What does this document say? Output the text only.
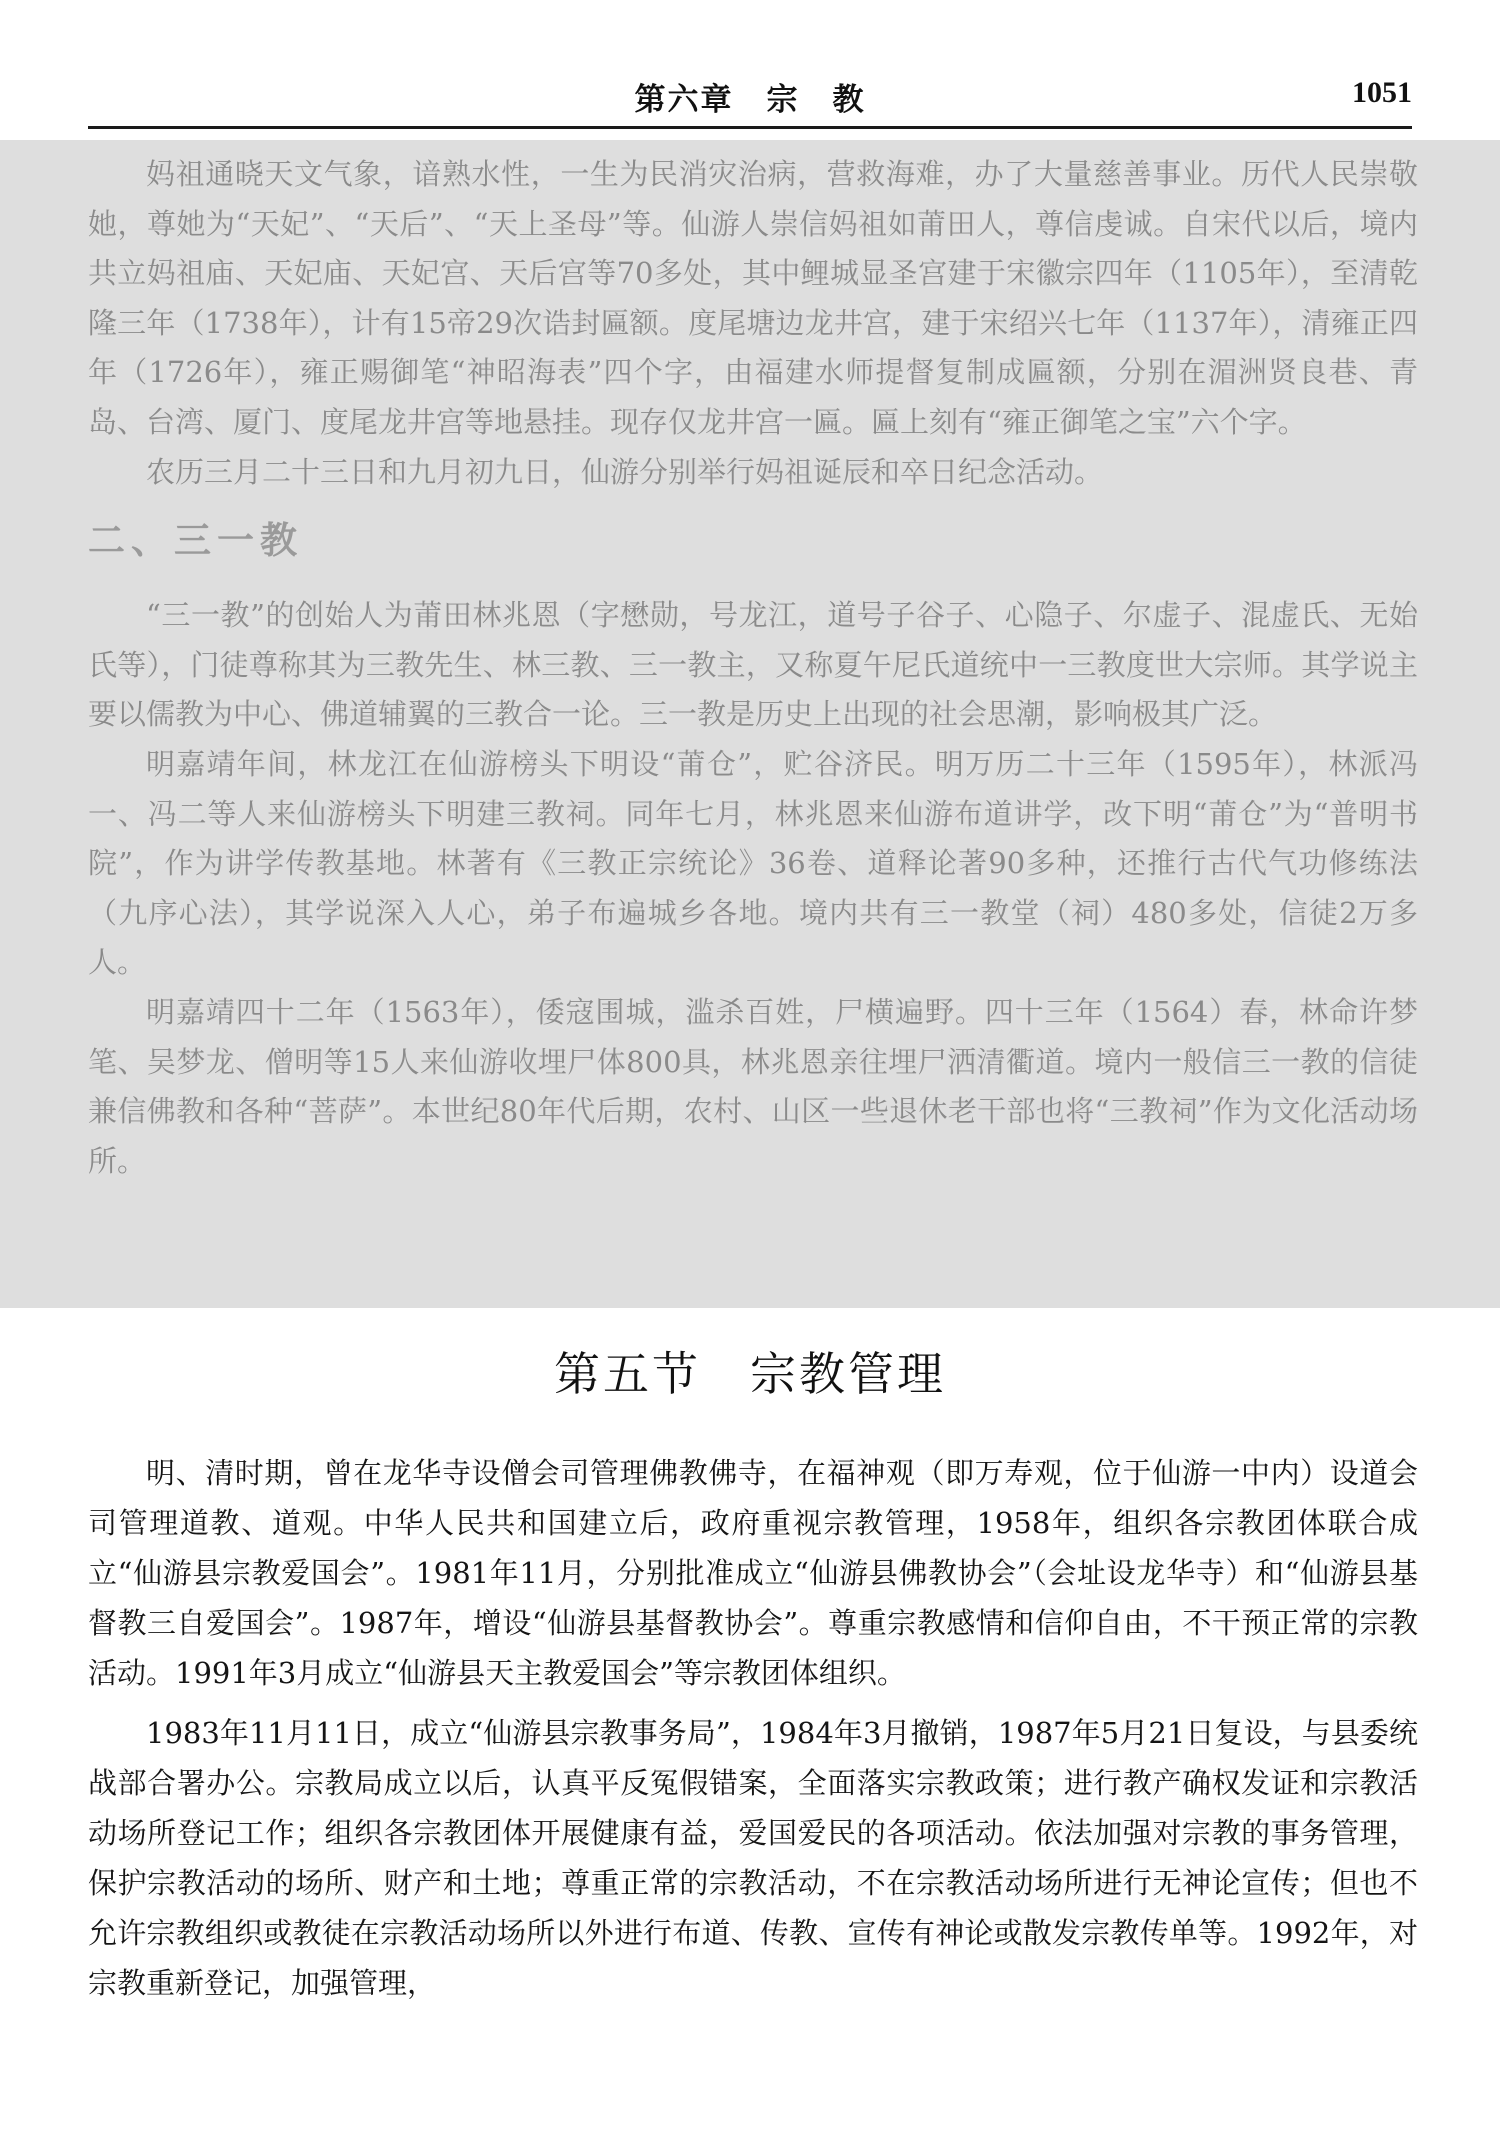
第六章　宗　教	1051

妈祖通晓天文气象，谙熟水性，一生为民消灾治病，营救海难，办了大量慈善事业。历代人民崇敬她，尊她为“天妃”、“天后”、“天上圣母”等。仙游人崇信妈祖如莆田人，尊信虔诚。自宋代以后，境内共立妈祖庙、天妃庙、天妃宫、天后宫等70多处，其中鲤城显圣宫建于宋徽宗四年（1105年），至清乾隆三年（1738年），计有15帝29次诰封匾额。度尾塘边龙井宫，建于宋绍兴七年（1137年），清雍正四年（1726年），雍正赐御笔“神昭海表”四个字，由福建水师提督复制成匾额，分别在湄洲贤良巷、青岛、台湾、厦门、度尾龙井宫等地悬挂。现存仅龙井宫一匾。匾上刻有“雍正御笔之宝”六个字。

农历三月二十三日和九月初九日，仙游分别举行妈祖诞辰和卒日纪念活动。

二、三一教

“三一教”的创始人为莆田林兆恩（字懋勋，号龙江，道号子谷子、心隐子、尔虚子、混虚氏、无始氏等），门徒尊称其为三教先生、林三教、三一教主，又称夏午尼氏道统中一三教度世大宗师。其学说主要以儒教为中心、佛道辅翼的三教合一论。三一教是历史上出现的社会思潮，影响极其广泛。

明嘉靖年间，林龙江在仙游榜头下明设“莆仓”，贮谷济民。明万历二十三年（1595年），林派冯一、冯二等人来仙游榜头下明建三教祠。同年七月，林兆恩来仙游布道讲学，改下明“莆仓”为“普明书院”，作为讲学传教基地。林著有《三教正宗统论》36卷、道释论著90多种，还推行古代气功修练法（九序心法），其学说深入人心，弟子布遍城乡各地。境内共有三一教堂（祠）480多处，信徒2万多人。

明嘉靖四十二年（1563年），倭寇围城，滥杀百姓，尸横遍野。四十三年（1564）春，林命许梦笔、吴梦龙、僧明等15人来仙游收埋尸体800具，林兆恩亲往埋尸洒清衢道。境内一般信三一教的信徒兼信佛教和各种“菩萨”。本世纪80年代后期，农村、山区一些退休老干部也将“三教祠”作为文化活动场所。

第五节　宗教管理

明、清时期，曾在龙华寺设僧会司管理佛教佛寺，在福神观（即万寿观，位于仙游一中内）设道会司管理道教、道观。中华人民共和国建立后，政府重视宗教管理，1958年，组织各宗教团体联合成立“仙游县宗教爱国会”。1981年11月，分别批准成立“仙游县佛教协会”（会址设龙华寺）和“仙游县基督教三自爱国会”。1987年，增设“仙游县基督教协会”。尊重宗教感情和信仰自由，不干预正常的宗教活动。1991年3月成立“仙游县天主教爱国会”等宗教团体组织。

1983年11月11日，成立“仙游县宗教事务局”，1984年3月撤销，1987年5月21日复设，与县委统战部合署办公。宗教局成立以后，认真平反冤假错案，全面落实宗教政策；进行教产确权发证和宗教活动场所登记工作；组织各宗教团体开展健康有益，爱国爱民的各项活动。依法加强对宗教的事务管理，保护宗教活动的场所、财产和土地；尊重正常的宗教活动，不在宗教活动场所进行无神论宣传；但也不允许宗教组织或教徒在宗教活动场所以外进行布道、传教、宣传有神论或散发宗教传单等。1992年，对宗教重新登记，加强管理，
